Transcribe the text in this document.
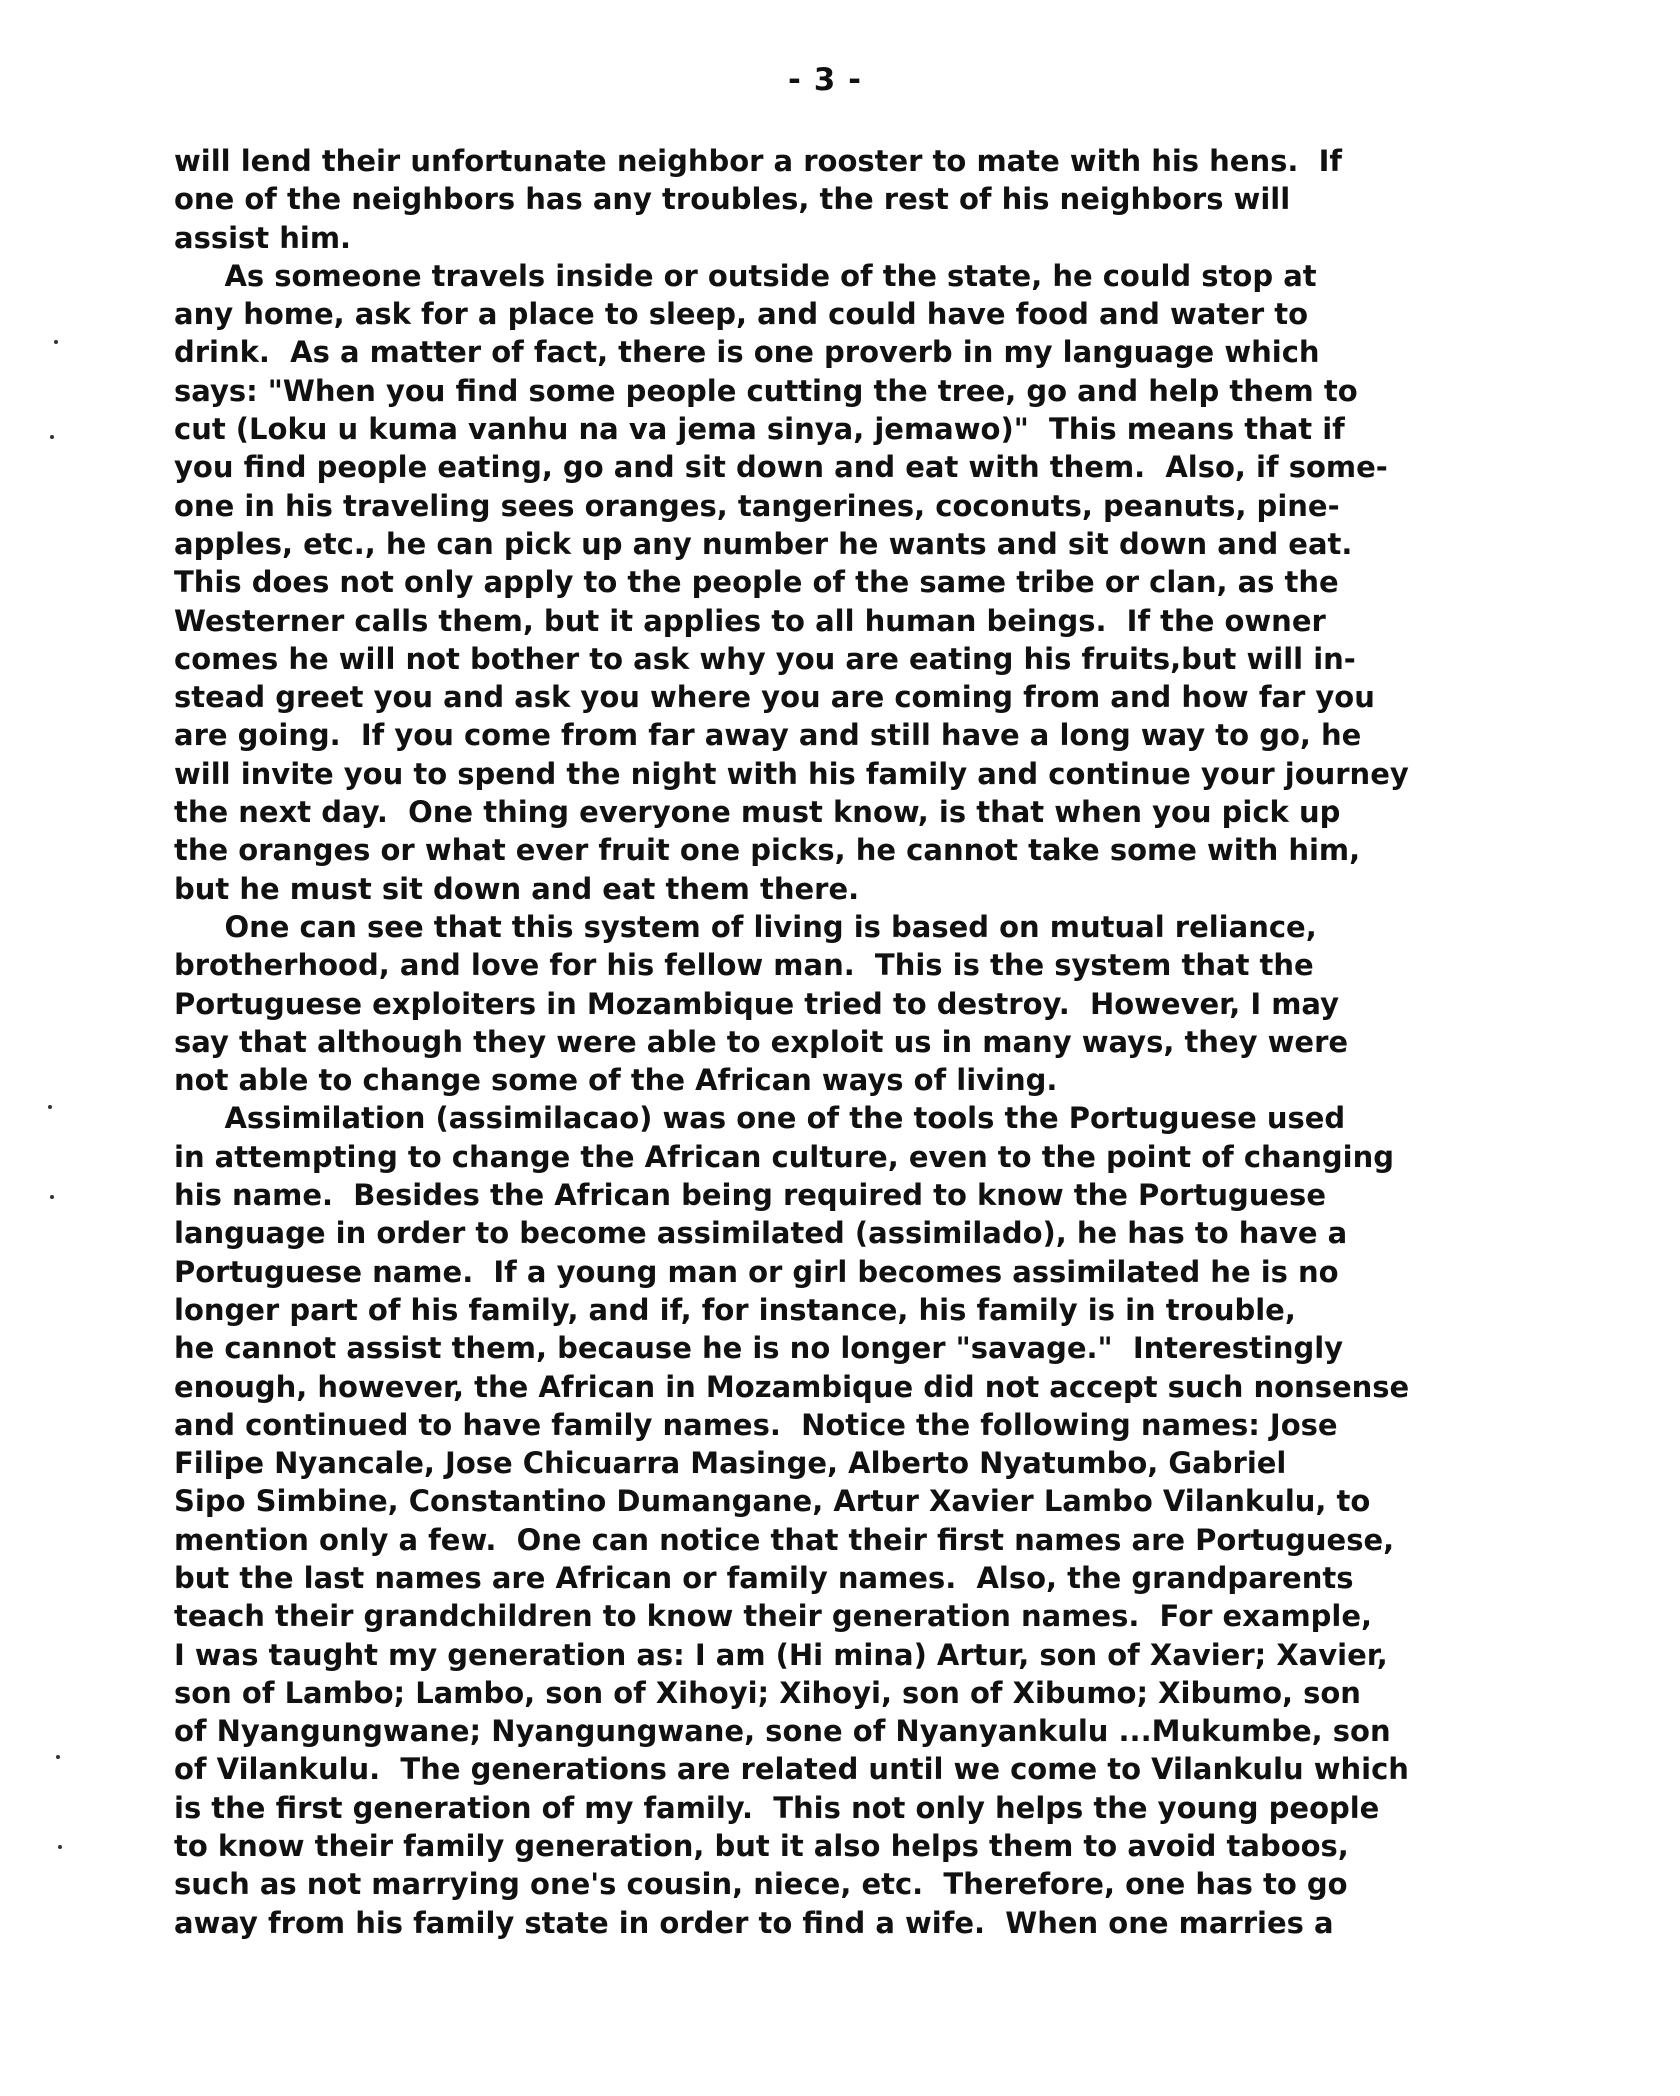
- 3 -
will lend their unfortunate neighbor a rooster to mate with his hens.  If
one of the neighbors has any troubles, the rest of his neighbors will
assist him.
As someone travels inside or outside of the state, he could stop at
any home, ask for a place to sleep, and could have food and water to
drink.  As a matter of fact, there is one proverb in my language which
says: "When you find some people cutting the tree, go and help them to
cut (Loku u kuma vanhu na va jema sinya, jemawo)"  This means that if
you find people eating, go and sit down and eat with them.  Also, if some-
one in his traveling sees oranges, tangerines, coconuts, peanuts, pine-
apples, etc., he can pick up any number he wants and sit down and eat.
This does not only apply to the people of the same tribe or clan, as the
Westerner calls them, but it applies to all human beings.  If the owner
comes he will not bother to ask why you are eating his fruits,but will in-
stead greet you and ask you where you are coming from and how far you
are going.  If you come from far away and still have a long way to go, he
will invite you to spend the night with his family and continue your journey
the next day.  One thing everyone must know, is that when you pick up
the oranges or what ever fruit one picks, he cannot take some with him,
but he must sit down and eat them there.
One can see that this system of living is based on mutual reliance,
brotherhood, and love for his fellow man.  This is the system that the
Portuguese exploiters in Mozambique tried to destroy.  However, I may
say that although they were able to exploit us in many ways, they were
not able to change some of the African ways of living.
Assimilation (assimilacao) was one of the tools the Portuguese used
in attempting to change the African culture, even to the point of changing
his name.  Besides the African being required to know the Portuguese
language in order to become assimilated (assimilado), he has to have a
Portuguese name.  If a young man or girl becomes assimilated he is no
longer part of his family, and if, for instance, his family is in trouble,
he cannot assist them, because he is no longer "savage."  Interestingly
enough, however, the African in Mozambique did not accept such nonsense
and continued to have family names.  Notice the following names: Jose
Filipe Nyancale, Jose Chicuarra Masinge, Alberto Nyatumbo, Gabriel
Sipo Simbine, Constantino Dumangane, Artur Xavier Lambo Vilankulu, to
mention only a few.  One can notice that their first names are Portuguese,
but the last names are African or family names.  Also, the grandparents
teach their grandchildren to know their generation names.  For example,
I was taught my generation as: I am (Hi mina) Artur, son of Xavier; Xavier,
son of Lambo; Lambo, son of Xihoyi; Xihoyi, son of Xibumo; Xibumo, son
of Nyangungwane; Nyangungwane, sone of Nyanyankulu ...Mukumbe, son
of Vilankulu.  The generations are related until we come to Vilankulu which
is the first generation of my family.  This not only helps the young people
to know their family generation, but it also helps them to avoid taboos,
such as not marrying one's cousin, niece, etc.  Therefore, one has to go
away from his family state in order to find a wife.  When one marries a
